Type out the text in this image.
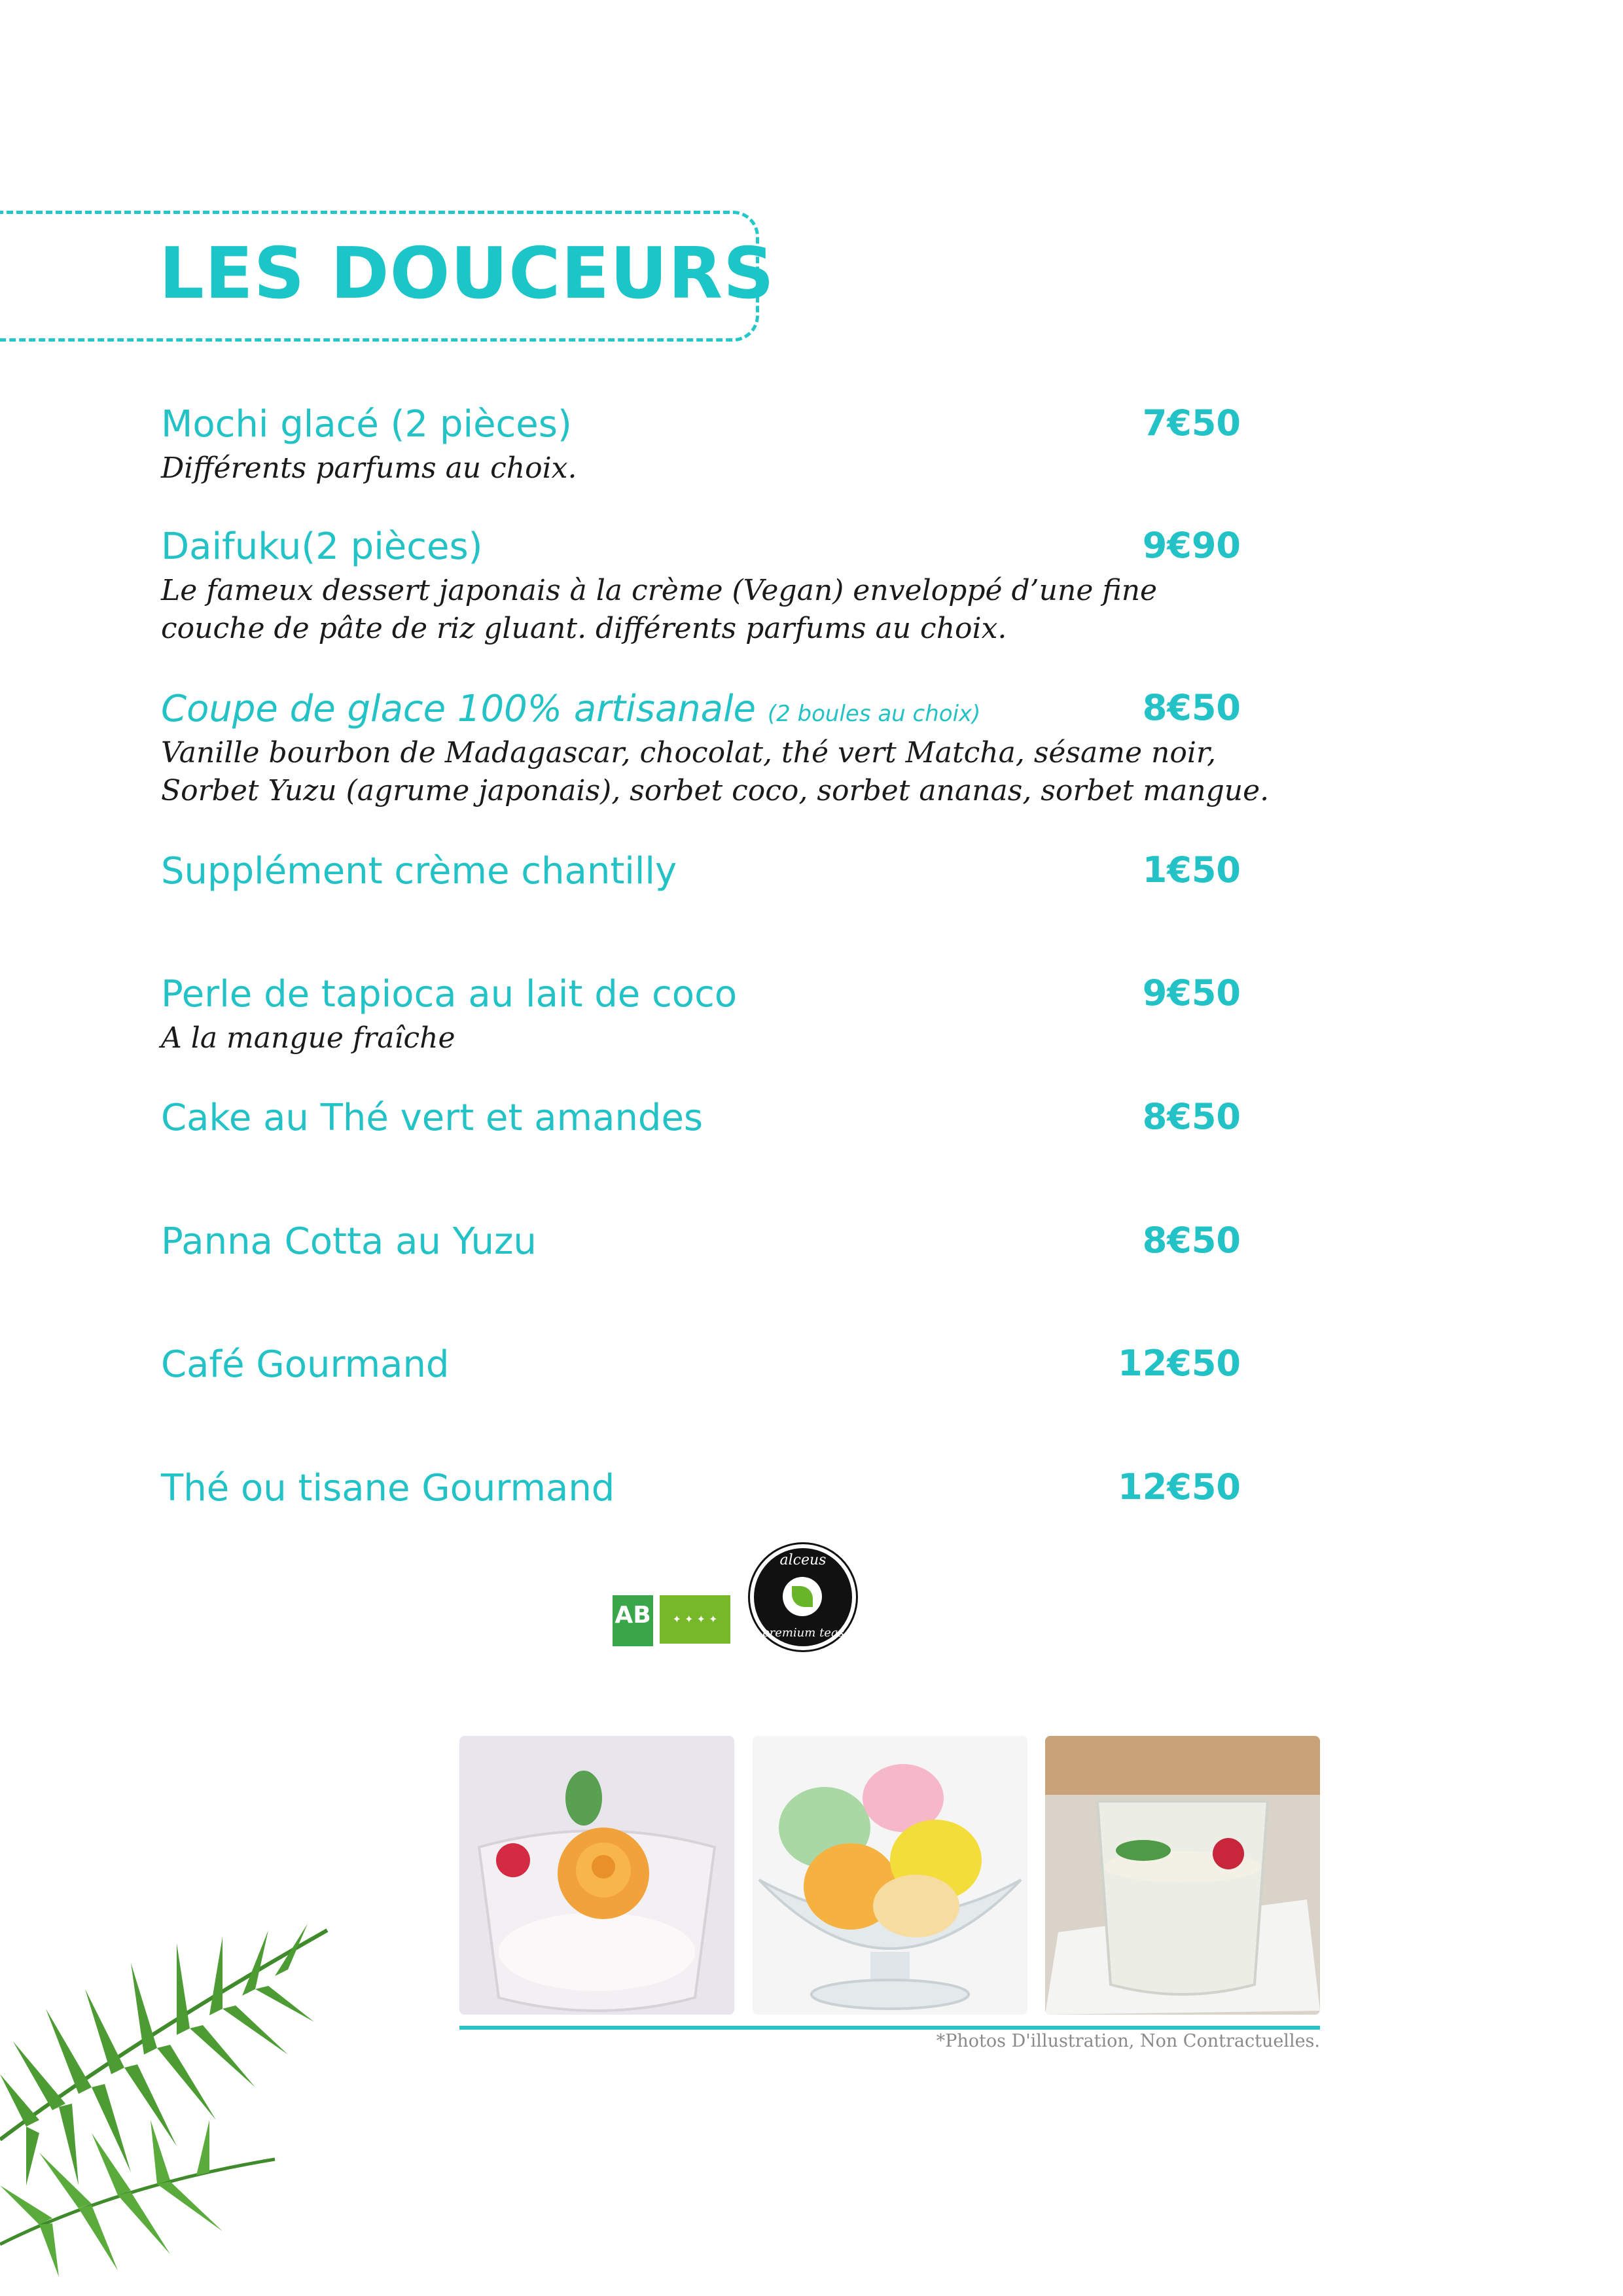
LES DOUCEURS
Mochi glacé (2 pièces)	7€50
Différents parfums au choix.
Daifuku(2 pièces)	9€90
Le fameux dessert japonais à la crème (Vegan) enveloppé d’une fine
couche de pâte de riz gluant. différents parfums au choix.
Coupe de glace 100% artisanale (2 boules au choix)	8€50
Vanille bourbon de Madagascar, chocolat, thé vert Matcha, sésame noir,
Sorbet Yuzu (agrume japonais), sorbet coco, sorbet ananas, sorbet mangue.
Supplément crème chantilly	1€50
Perle de tapioca au lait de coco	9€50
A la mangue fraîche
Cake au Thé vert et amandes	8€50
Panna Cotta au Yuzu	8€50
Café Gourmand	12€50
Thé ou tisane Gourmand	12€50
AB	✦ ✦ ✦ ✦
alceus
premium teas
*Photos D'illustration, Non Contractuelles.
